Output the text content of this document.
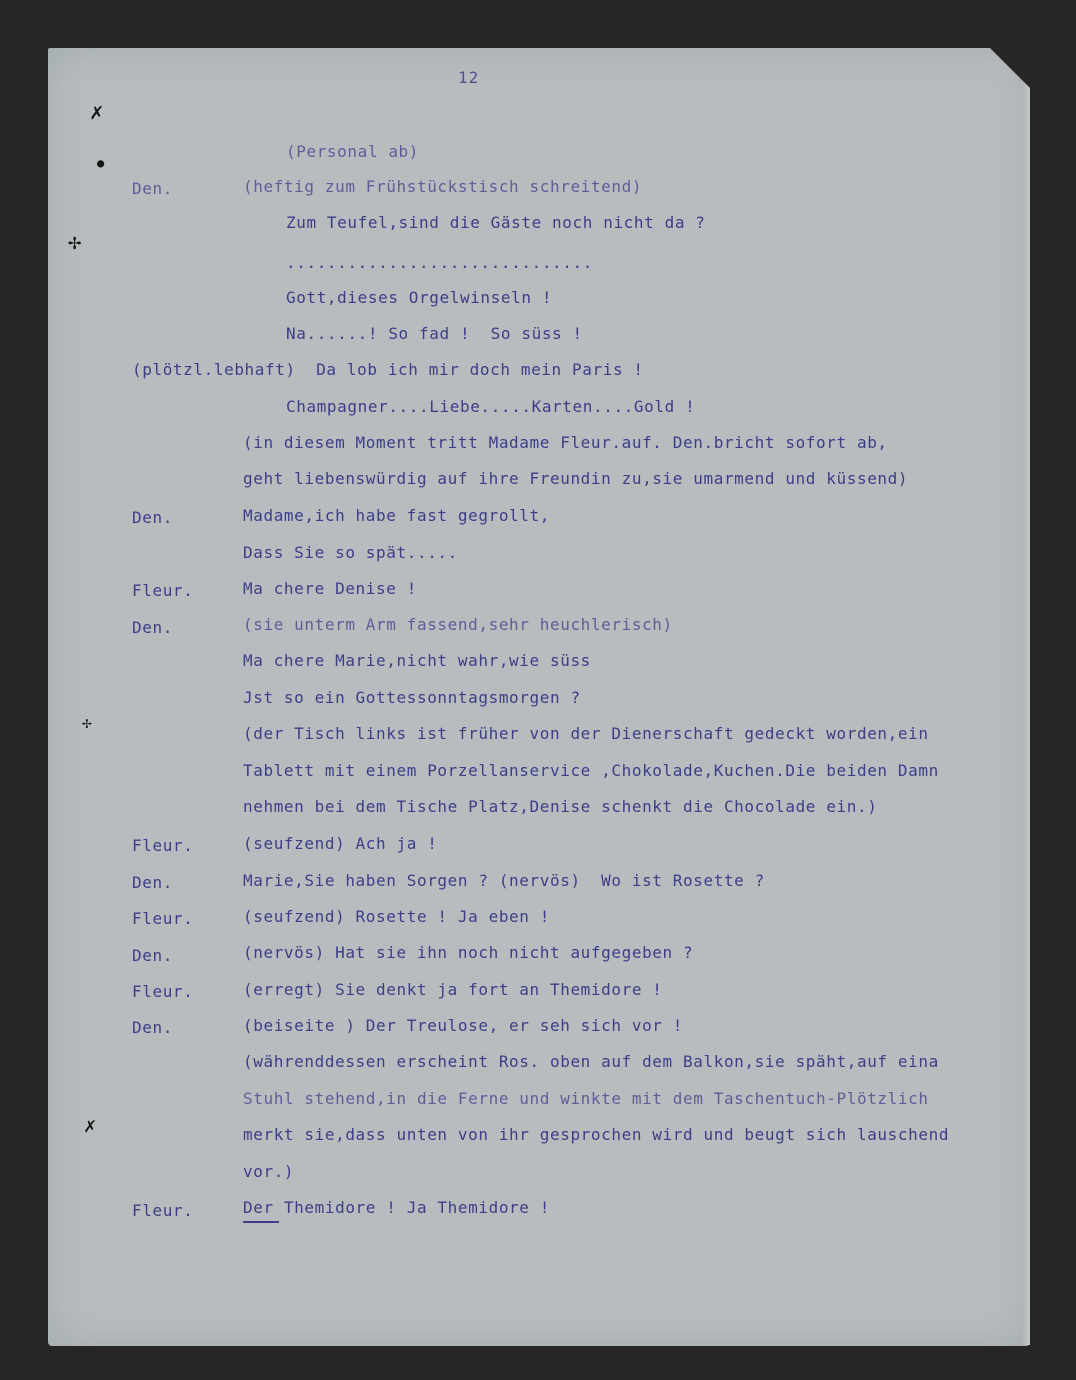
✗
●
✢
✢
✗
12
(Personal ab)
Den.	(heftig zum Frühstückstisch schreitend)
Zum Teufel,sind die Gäste noch nicht da ?
..............................
Gott,dieses Orgelwinseln !
Na......! So fad !  So süss !
(plötzl.lebhaft)  Da lob ich mir doch mein Paris !
Champagner....Liebe.....Karten....Gold !
(in diesem Moment tritt Madame Fleur.auf. Den.bricht sofort ab,
geht liebenswürdig auf ihre Freundin zu,sie umarmend und küssend)
Den.	Madame,ich habe fast gegrollt,
Dass Sie so spät.....
Fleur.	Ma chere Denise !
Den.	(sie unterm Arm fassend,sehr heuchlerisch)
Ma chere Marie,nicht wahr,wie süss
Jst so ein Gottessonntagsmorgen ?
(der Tisch links ist früher von der Dienerschaft gedeckt worden,ein
Tablett mit einem Porzellanservice ,Chokolade,Kuchen.Die beiden Damn
nehmen bei dem Tische Platz,Denise schenkt die Chocolade ein.)
Fleur.	(seufzend) Ach ja !
Den.	Marie,Sie haben Sorgen ? (nervös)  Wo ist Rosette ?
Fleur.	(seufzend) Rosette ! Ja eben !
Den.	(nervös) Hat sie ihn noch nicht aufgegeben ?
Fleur.	(erregt) Sie denkt ja fort an Themidore !
Den.	(beiseite ) Der Treulose, er seh sich vor !
(währenddessen erscheint Ros. oben auf dem Balkon,sie späht,auf eina
Stuhl stehend,in die Ferne und winkte mit dem Taschentuch-Plötzlich
merkt sie,dass unten von ihr gesprochen wird und beugt sich lauschend
vor.)
Fleur.	Der Themidore ! Ja Themidore !
